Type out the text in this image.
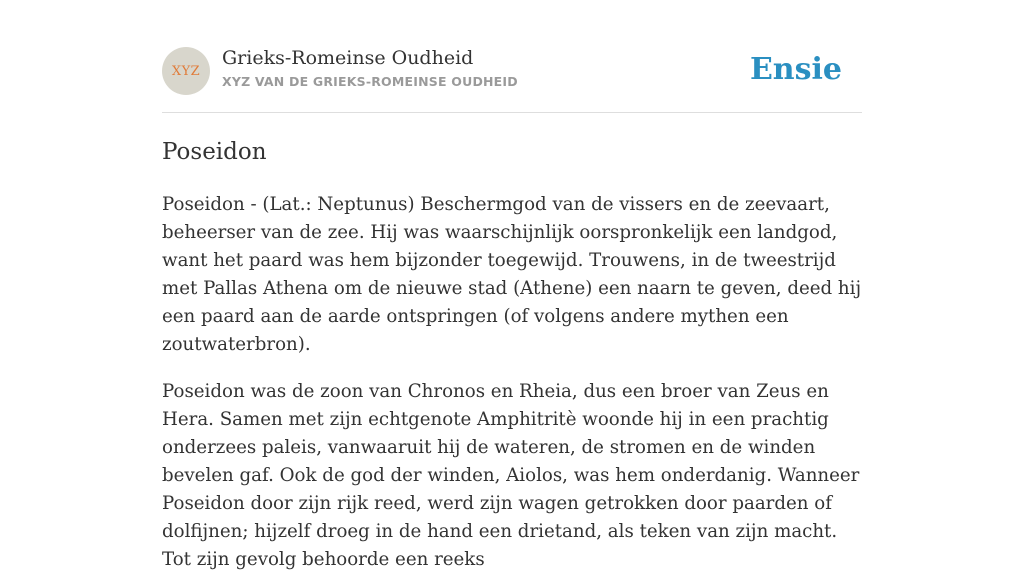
XYZ
Grieks-Romeinse Oudheid
XYZ VAN DE GRIEKS-ROMEINSE OUDHEID	Ensie
Poseidon

Poseidon - (Lat.: Neptunus) Beschermgod van de vissers en de zeevaart, beheerser van de zee. Hij was waarschijnlijk oorspronkelijk een landgod, want het paard was hem bijzonder toegewijd. Trouwens, in de tweestrijd met Pallas Athena om de nieuwe stad (Athene) een naarn te geven, deed hij een paard aan de aarde ontspringen (of volgens andere mythen een zoutwaterbron).

Poseidon was de zoon van Chronos en Rheia, dus een broer van Zeus en Hera. Samen met zijn echtgenote Amphitritè woonde hij in een prachtig onderzees paleis, vanwaaruit hij de wateren, de stromen en de winden bevelen gaf. Ook de god der winden, Aiolos, was hem onderdanig. Wanneer Poseidon door zijn rijk reed, werd zijn wagen getrokken door paarden of dolfijnen; hijzelf droeg in de hand een drietand, als teken van zijn macht. Tot zijn gevolg behoorde een reeks
